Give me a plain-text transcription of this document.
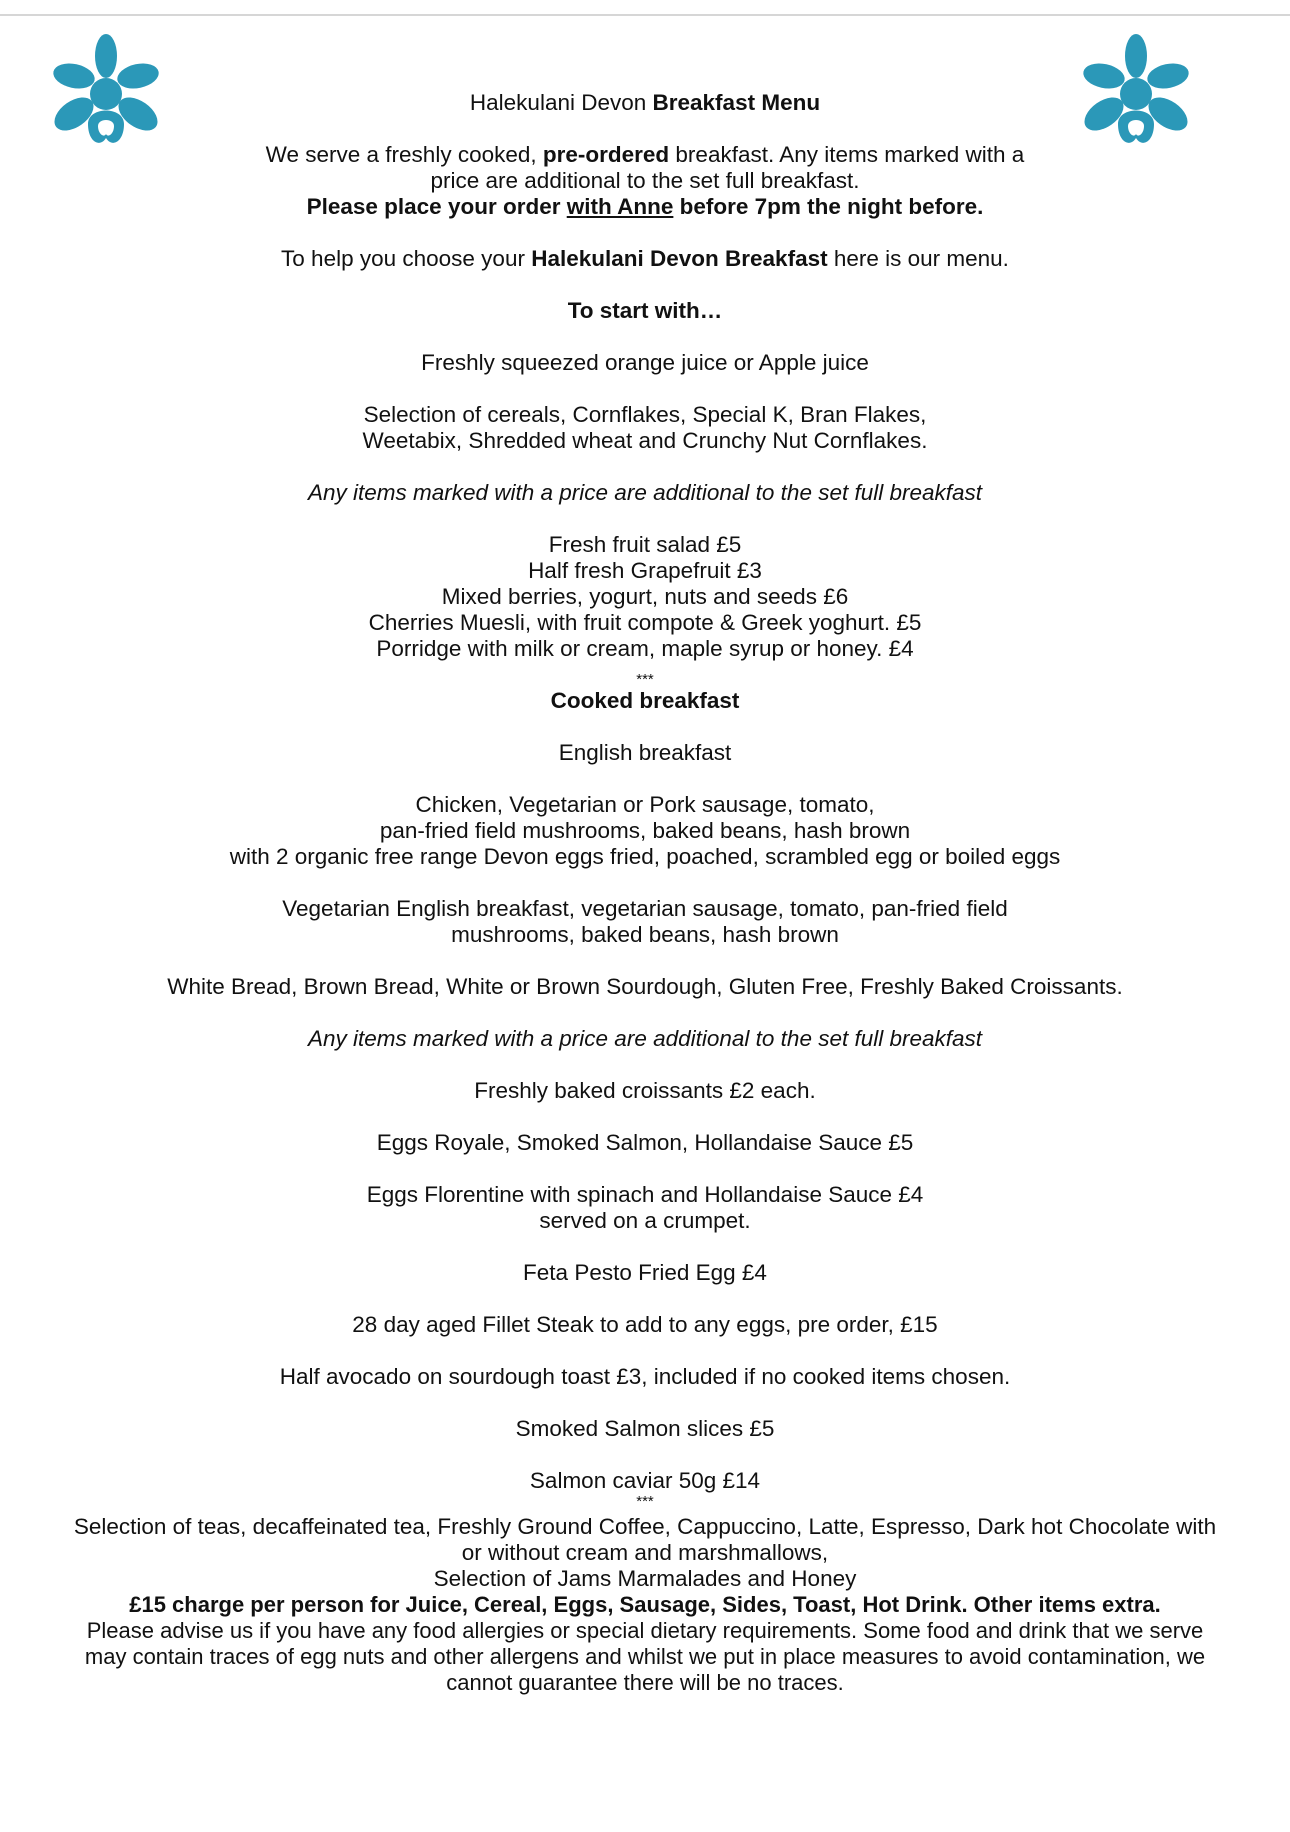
Halekulani Devon Breakfast Menu

We serve a freshly cooked, pre-ordered breakfast. Any items marked with a

price are additional to the set full breakfast.

Please place your order with Anne before 7pm the night before.

To help you choose your Halekulani Devon Breakfast here is our menu.

To start with…

Freshly squeezed orange juice or Apple juice

Selection of cereals, Cornflakes, Special K, Bran Flakes,

Weetabix, Shredded wheat and Crunchy Nut Cornflakes.

Any items marked with a price are additional to the set full breakfast

Fresh fruit salad £5

Half fresh Grapefruit £3

Mixed berries, yogurt, nuts and seeds £6

Cherries Muesli, with fruit compote & Greek yoghurt. £5

Porridge with milk or cream, maple syrup or honey. £4

***

Cooked breakfast

English breakfast

Chicken, Vegetarian or Pork sausage, tomato,

pan-fried field mushrooms, baked beans, hash brown

with 2 organic free range Devon eggs fried, poached, scrambled egg or boiled eggs

Vegetarian English breakfast, vegetarian sausage, tomato, pan-fried field

mushrooms, baked beans, hash brown

White Bread, Brown Bread, White or Brown Sourdough, Gluten Free, Freshly Baked Croissants.

Any items marked with a price are additional to the set full breakfast

Freshly baked croissants £2 each.

Eggs Royale, Smoked Salmon, Hollandaise Sauce £5

Eggs Florentine with spinach and Hollandaise Sauce £4

served on a crumpet.

Feta Pesto Fried Egg £4

28 day aged Fillet Steak to add to any eggs, pre order, £15

Half avocado on sourdough toast £3, included if no cooked items chosen.

Smoked Salmon slices £5

Salmon caviar 50g £14

***

Selection of teas, decaffeinated tea, Freshly Ground Coffee, Cappuccino, Latte, Espresso, Dark hot Chocolate with

or without cream and marshmallows,

Selection of Jams Marmalades and Honey

£15 charge per person for Juice, Cereal, Eggs, Sausage, Sides, Toast, Hot Drink. Other items extra.

Please advise us if you have any food allergies or special dietary requirements. Some food and drink that we serve

may contain traces of egg nuts and other allergens and whilst we put in place measures to avoid contamination, we

cannot guarantee there will be no traces.
